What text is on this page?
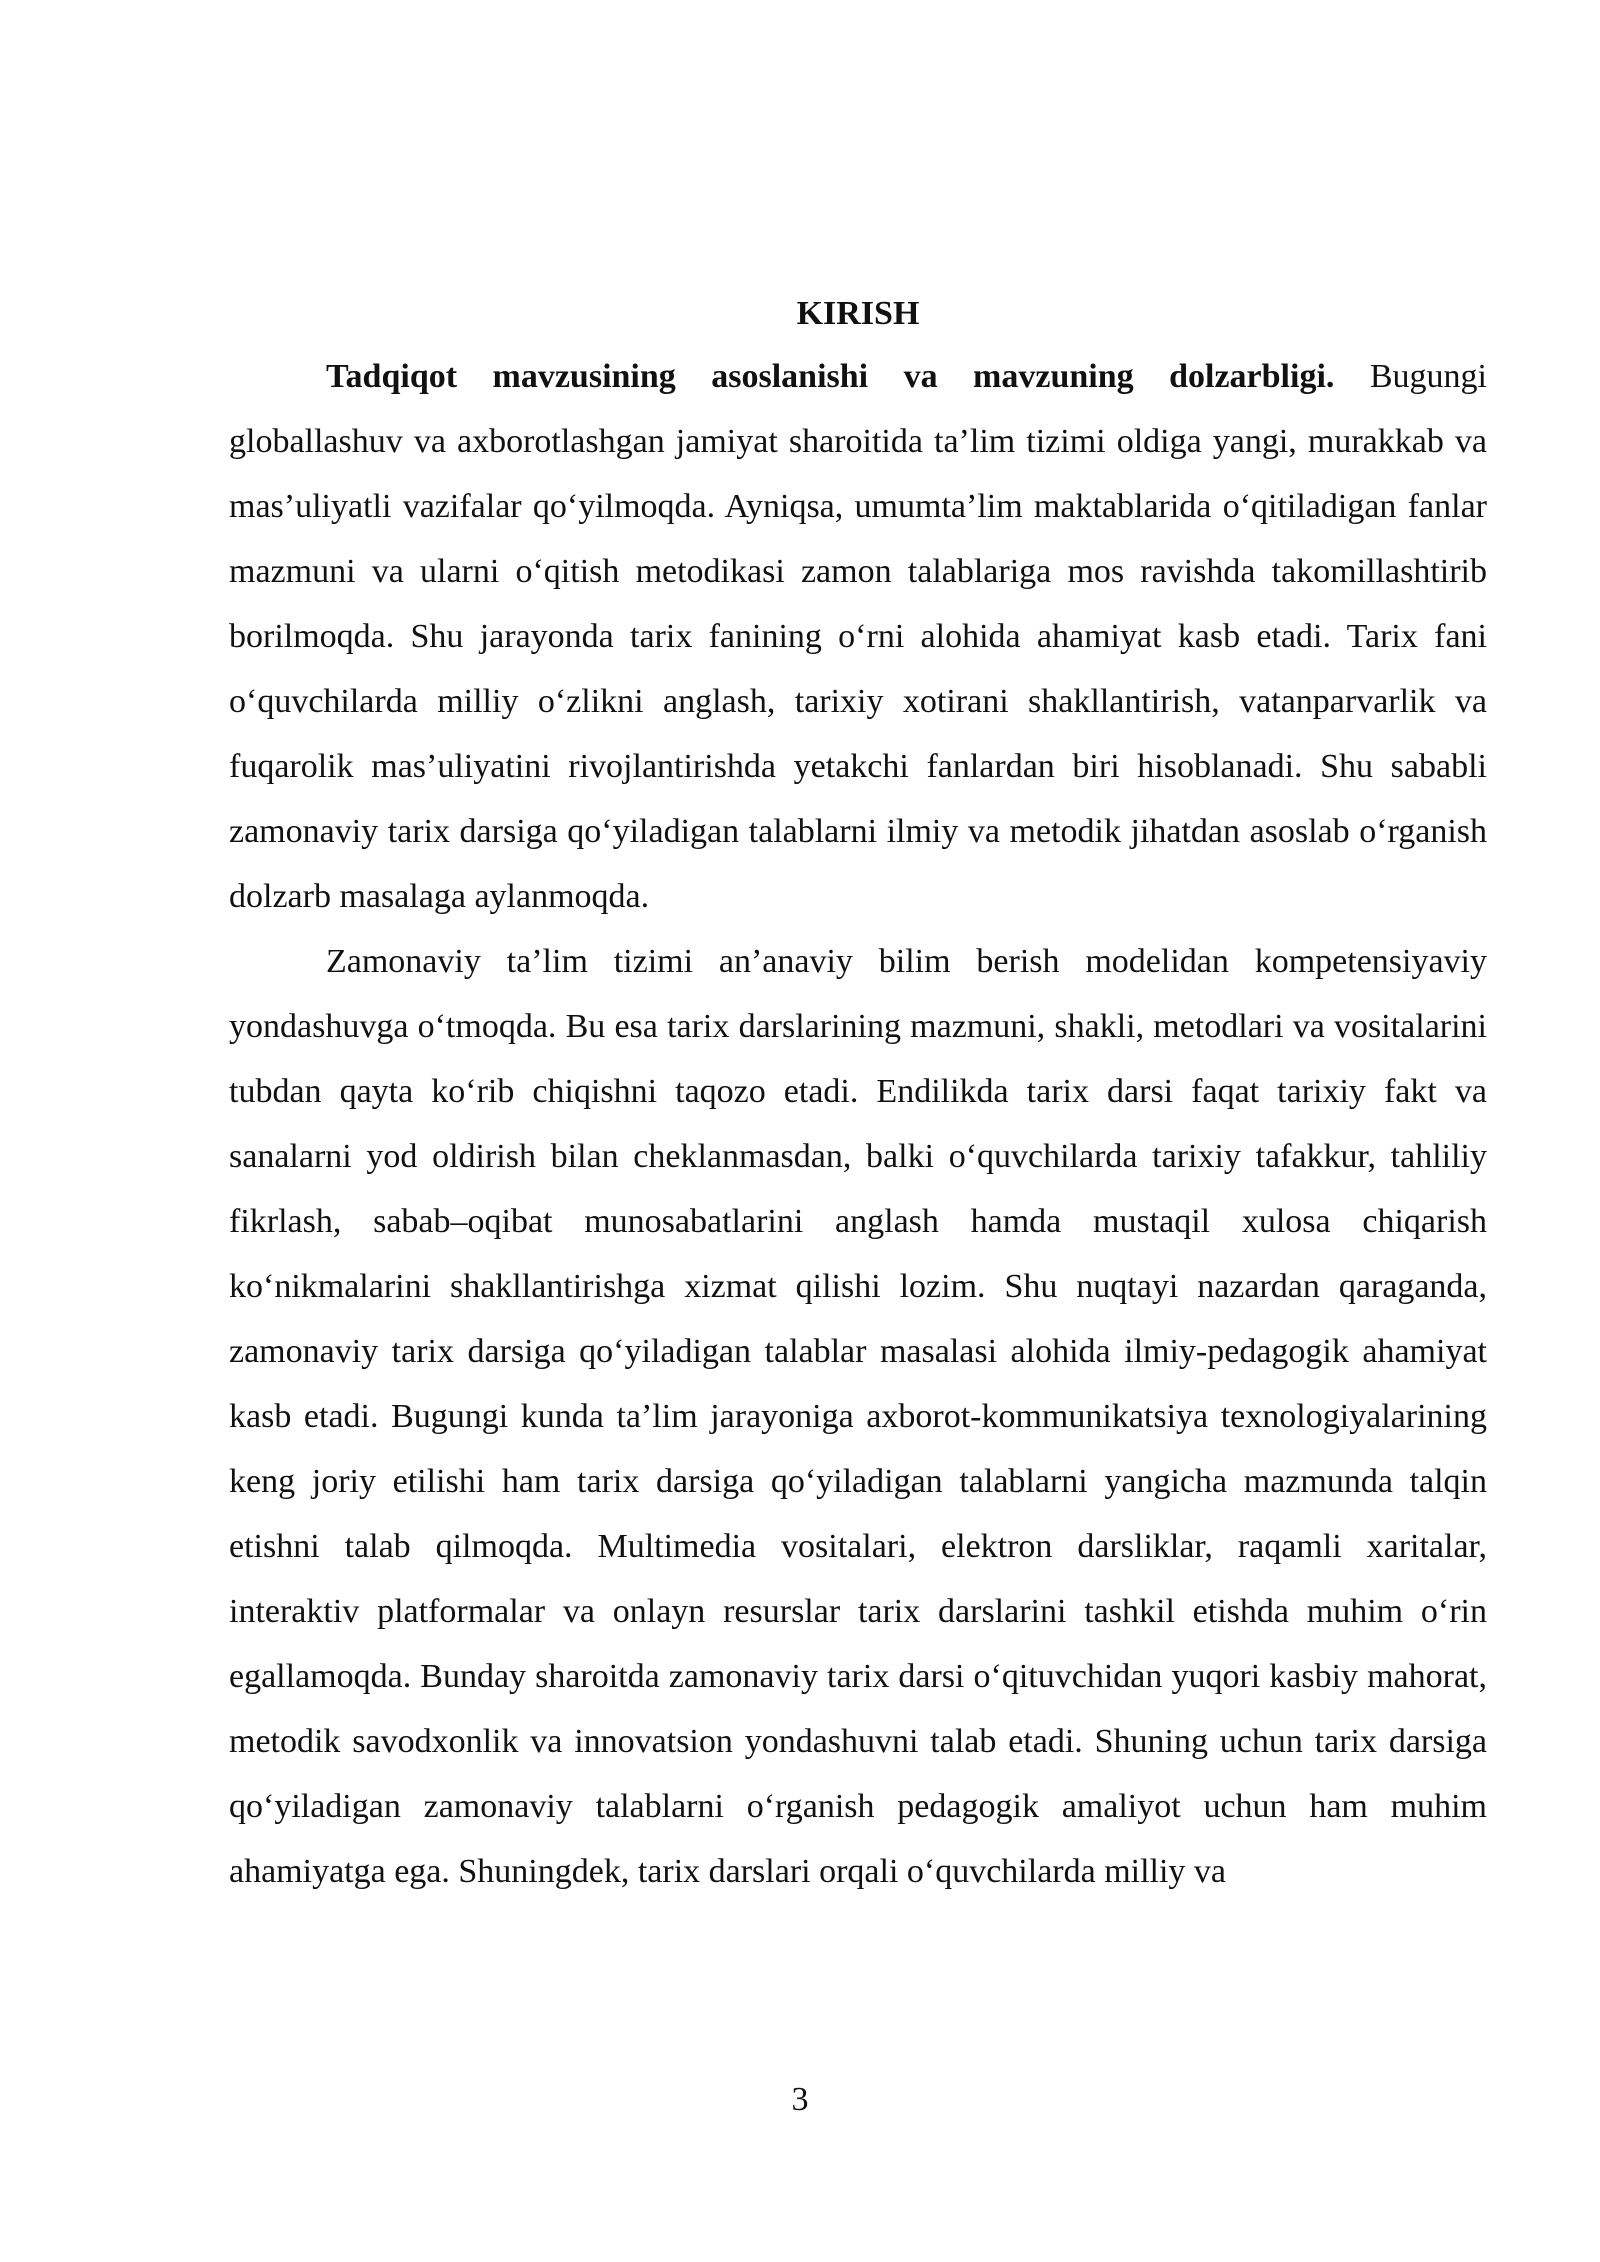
KIRISH

Tadqiqot mavzusining asoslanishi va mavzuning dolzarbligi. Bugungi globallashuv va axborotlashgan jamiyat sharoitida ta’lim tizimi oldiga yangi, murakkab va mas’uliyatli vazifalar qo‘yilmoqda. Ayniqsa, umumta’lim maktablarida o‘qitiladigan fanlar mazmuni va ularni o‘qitish metodikasi zamon talablariga mos ravishda takomillashtirib borilmoqda. Shu jarayonda tarix fanining o‘rni alohida ahamiyat kasb etadi. Tarix fani o‘quvchilarda milliy o‘zlikni anglash, tarixiy xotirani shakllantirish, vatanparvarlik va fuqarolik mas’uliyatini rivojlantirishda yetakchi fanlardan biri hisoblanadi. Shu sababli zamonaviy tarix darsiga qo‘yiladigan talablarni ilmiy va metodik jihatdan asoslab o‘rganish dolzarb masalaga aylanmoqda.

Zamonaviy ta’lim tizimi an’anaviy bilim berish modelidan kompetensiyaviy yondashuvga o‘tmoqda. Bu esa tarix darslarining mazmuni, shakli, metodlari va vositalarini tubdan qayta ko‘rib chiqishni taqozo etadi. Endilikda tarix darsi faqat tarixiy fakt va sanalarni yod oldirish bilan cheklanmasdan, balki o‘quvchilarda tarixiy tafakkur, tahliliy fikrlash, sabab–oqibat munosabatlarini anglash hamda mustaqil xulosa chiqarish ko‘nikmalarini shakllantirishga xizmat qilishi lozim. Shu nuqtayi nazardan qaraganda, zamonaviy tarix darsiga qo‘yiladigan talablar masalasi alohida ilmiy-pedagogik ahamiyat kasb etadi. Bugungi kunda ta’lim jarayoniga axborot-kommunikatsiya texnologiyalarining keng joriy etilishi ham tarix darsiga qo‘yiladigan talablarni yangicha mazmunda talqin etishni talab qilmoqda. Multimedia vositalari, elektron darsliklar, raqamli xaritalar, interaktiv platformalar va onlayn resurslar tarix darslarini tashkil etishda muhim o‘rin egallamoqda. Bunday sharoitda zamonaviy tarix darsi o‘qituvchidan yuqori kasbiy mahorat, metodik savodxonlik va innovatsion yondashuvni talab etadi. Shuning uchun tarix darsiga qo‘yiladigan zamonaviy talablarni o‘rganish pedagogik amaliyot uchun ham muhim ahamiyatga ega. Shuningdek, tarix darslari orqali o‘quvchilarda milliy va

3
